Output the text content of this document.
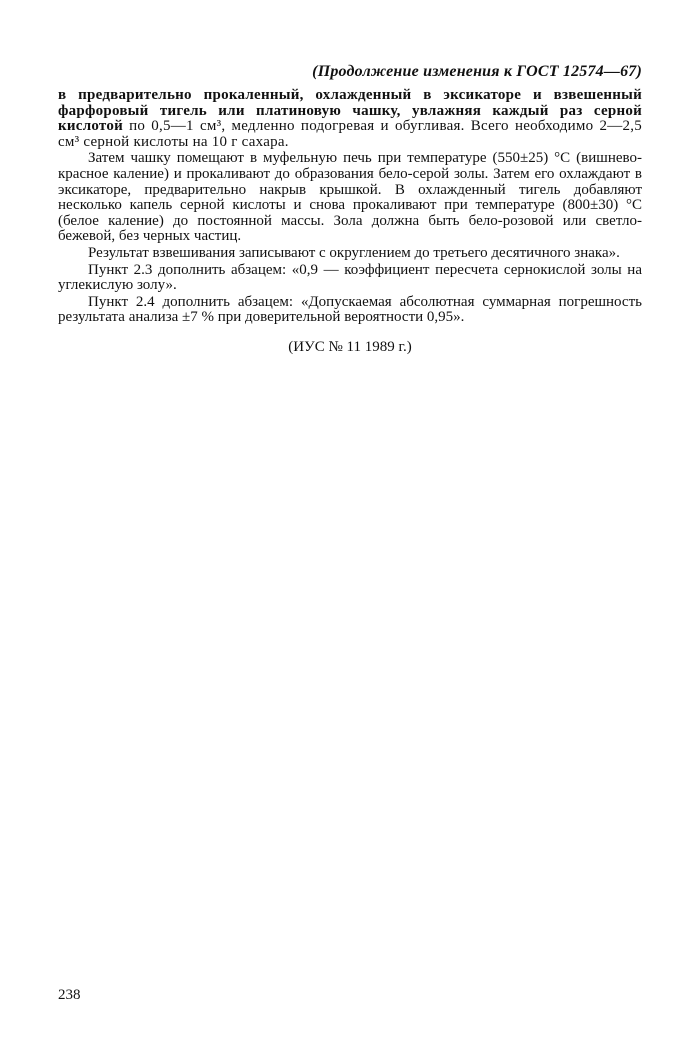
(Продолжение изменения к ГОСТ 12574—67)

в предварительно прокаленный, охлажденный в эксикаторе и взвешенный фарфоровый тигель или платиновую чашку, увлажняя каждый раз серной кислотой по 0,5—1 см³, медленно подогревая и обугливая. Всего необходимо 2—2,5 см³ серной кислоты на 10 г сахара.

Затем чашку помещают в муфельную печь при температуре (550±25) °С (вишнево-красное каление) и прокаливают до образования бело-серой золы. Затем его охлаждают в эксикаторе, предварительно накрыв крышкой. В охлажденный тигель добавляют несколько капель серной кислоты и снова прокаливают при температуре (800±30) °С (белое каление) до постоянной массы. Зола должна быть бело-розовой или светло-бежевой, без черных частиц.

Результат взвешивания записывают с округлением до третьего десятичного знака».

Пункт 2.3 дополнить абзацем: «0,9 — коэффициент пересчета сернокислой золы на углекислую золу».

Пункт 2.4 дополнить абзацем: «Допускаемая абсолютная суммарная погрешность результата анализа ±7 % при доверительной вероятности 0,95».

(ИУС № 11 1989 г.)
238
